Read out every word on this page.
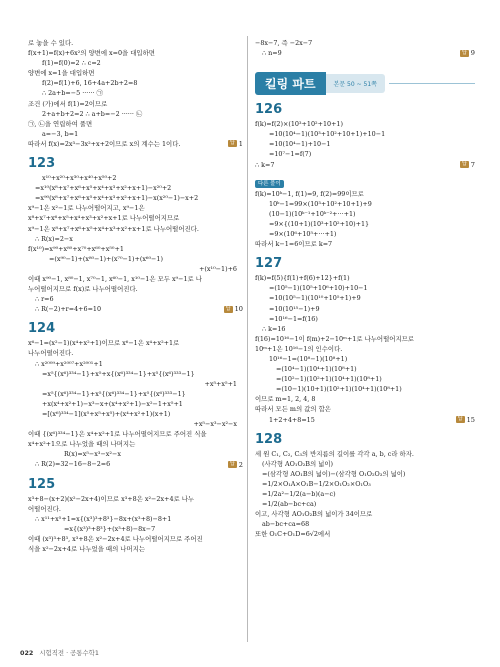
로 놓을 수 있다.
f(x+1)=f(x)+6x²의 양변에 x=0을 대입하면
f(1)=f(0)=2 ∴ c=2
양변에 x=1을 대입하면
f(2)=f(1)+6, 16+4a+2b+2=8
∴ 2a+b=−5 ······ ㉠
조건 (가)에서 f(1)=2이므로
2+a+b+2=2 ∴ a+b=−2 ······ ㉡
㉠, ㉡을 연립하여 풀면
a=−3, b=1
따라서 f(x)=2x³−3x²+x+2이므로 x의 계수는 1이다.	답 1
123
x¹⁰+x²⁰+x³⁰+x⁴⁰+x⁵⁰+2
=x¹⁰(x⁸+x⁷+x⁶+x⁵+x⁴+x³+x²+x+1)−x²⁰+2
=x⁹⁰(x⁸+x⁷+x⁶+x⁵+x⁴+x³+x²+x+1)−x(x²⁰−1)−x+2
x⁹−1은 x²−1로 나누어떨어지고, x⁹−1은
x⁸+x⁷+x⁶+x⁵+x⁴+x³+x²+x+1로 나누어떨어지므로
x⁹−1은 x⁸+x⁷+x⁶+x⁵+x⁴+x³+x²+x+1로 나누어떨어진다.
∴ R(x)=2−x
f(x¹⁰)=x⁹⁰+x⁸⁰+x⁷⁰+x⁶⁰+x⁵⁰+1
=(x⁹⁰−1)+(x⁸⁰−1)+(x⁷⁰−1)+(x⁶⁰−1)
+(x¹⁰−1)+6
이때 x⁹⁰−1, x⁸⁰−1, x⁷⁰−1, x⁶⁰−1, x¹⁰−1은 모두 x⁹−1로 나
누어떨어지므로 f(x)로 나누어떨어진다.
∴ r=6
∴ R(−2)+r=4+6=10	답 10
124
x⁶−1=(x²−1)(x⁴+x²+1)이므로 x⁶−1은 x⁴+x²+1로
나누어떨어진다.
∴ x²⁰⁰⁹+x²⁰⁰⁷+x²⁰⁰¹+1
=x⁵{(x⁶)³³⁴−1}+x⁵+x{(x⁶)³³⁴−1}+x⁵{(x⁶)³³³−1}
+x⁵+x⁵+1
=x⁵{(x⁶)³³⁴−1}+x⁵{(x⁶)³³⁴−1}+x⁵{(x⁶)³³³−1}
+x(x⁴+x²+1)−x³−x+(x⁴+x²+1)−x²−1+x⁵+1
=[(x⁶)³³⁴−1](x⁵+x⁵+x⁵)+(x⁴+x²+1)(x+1)
+x⁵−x³−x²−x
이때 {(x⁶)³³⁴−1}은 x⁴+x²+1로 나누어떨어지므로 주어진 식을
x⁴+x²+1으로 나누었을 때의 나머지는
R(x)=x⁵−x³−x²−x
∴ R(2)=32−16−8−2=6	답 2
125
x³+8−(x+2)(x²−2x+4)이므로 x³+8은 x²−2x+4로 나누
어떨어진다.
∴ x¹¹+x⁵+1=x{(x³)³+8³}−8x+(x³+8)−8+1
=x{(x³)³+8³}+(x³+8)−8x−7
이때 (x³)³+8³, x³+8은 x²−2x+4로 나누어떨어지므로 주어진
식을 x²−2x+4로 나누었을 때의 나머지는
−8x−7, 즉 −2x−7
∴ n=9	답 9
킬링 파트	본문 50 ~ 51쪽
126
f(k)=f(2)×(10³+10²+10+1)
=10(10⁴−1)(10³+10²+10+1)+10−1
=10(10⁴−1)+10−1
=10⁷−1=f(7)
∴ k=7	답 7
다른 풀이
f(k)=10ᵏ−1, f(1)=9, f(2)=99이므로
10ᵏ−1=99×(10³+10²+10+1)+9
(10−1)(10ᵏ⁻¹+10ᵏ⁻²+···+1)
=9×{(10+1)(10³+10²+10)+1}
=9×(10⁶+10⁵+···+1)
따라서 k−1=6이므로 k=7
127
f(k)=f(5){f(1)+f(6)+12}+f(1)
=(10⁵−1)(10⁵+10⁶+10)+10−1
=10(10⁵−1)(10¹⁰+10⁵+1)+9
=10(10¹⁵−1)+9
=10¹⁶−1=f(16)
∴ k=16
f(16)=10¹⁶−1이 f(m)+2−10ᵐ+1로 나누어떨어지므로
10ᵐ+1은 10¹⁶−1의 인수이다.
10¹⁶−1=(10⁸−1)(10⁸+1)
=(10⁴−1)(10⁴+1)(10⁸+1)
=(10²−1)(10²+1)(10⁴+1)(10⁸+1)
=(10−1)(10+1)(10²+1)(10⁴+1)(10⁸+1)
이므로 m=1, 2, 4, 8
따라서 모든 m의 값의 합은
1+2+4+8=15	답 15
128
세 원 C₁, C₂, C₃의 반지름의 길이를 각각 a, b, c라 하자.
(사각형 AO₁O₂B의 넓이)
=(삼각형 AO₁B의 넓이)−(삼각형 O₁O₂O₃의 넓이)
=1/2×O₁A×O₁B−1/2×O₁O₂×O₁O₃
=1/2a²−1/2(a−b)(a−c)
=1/2(ab−bc+ca)
이고, 사각형 AO₁O₂B의 넓이가 34이므로
ab−bc+ca=68
또한 O₁C+O₁D=6√2에서
022 시험직전 · 공통수학1
